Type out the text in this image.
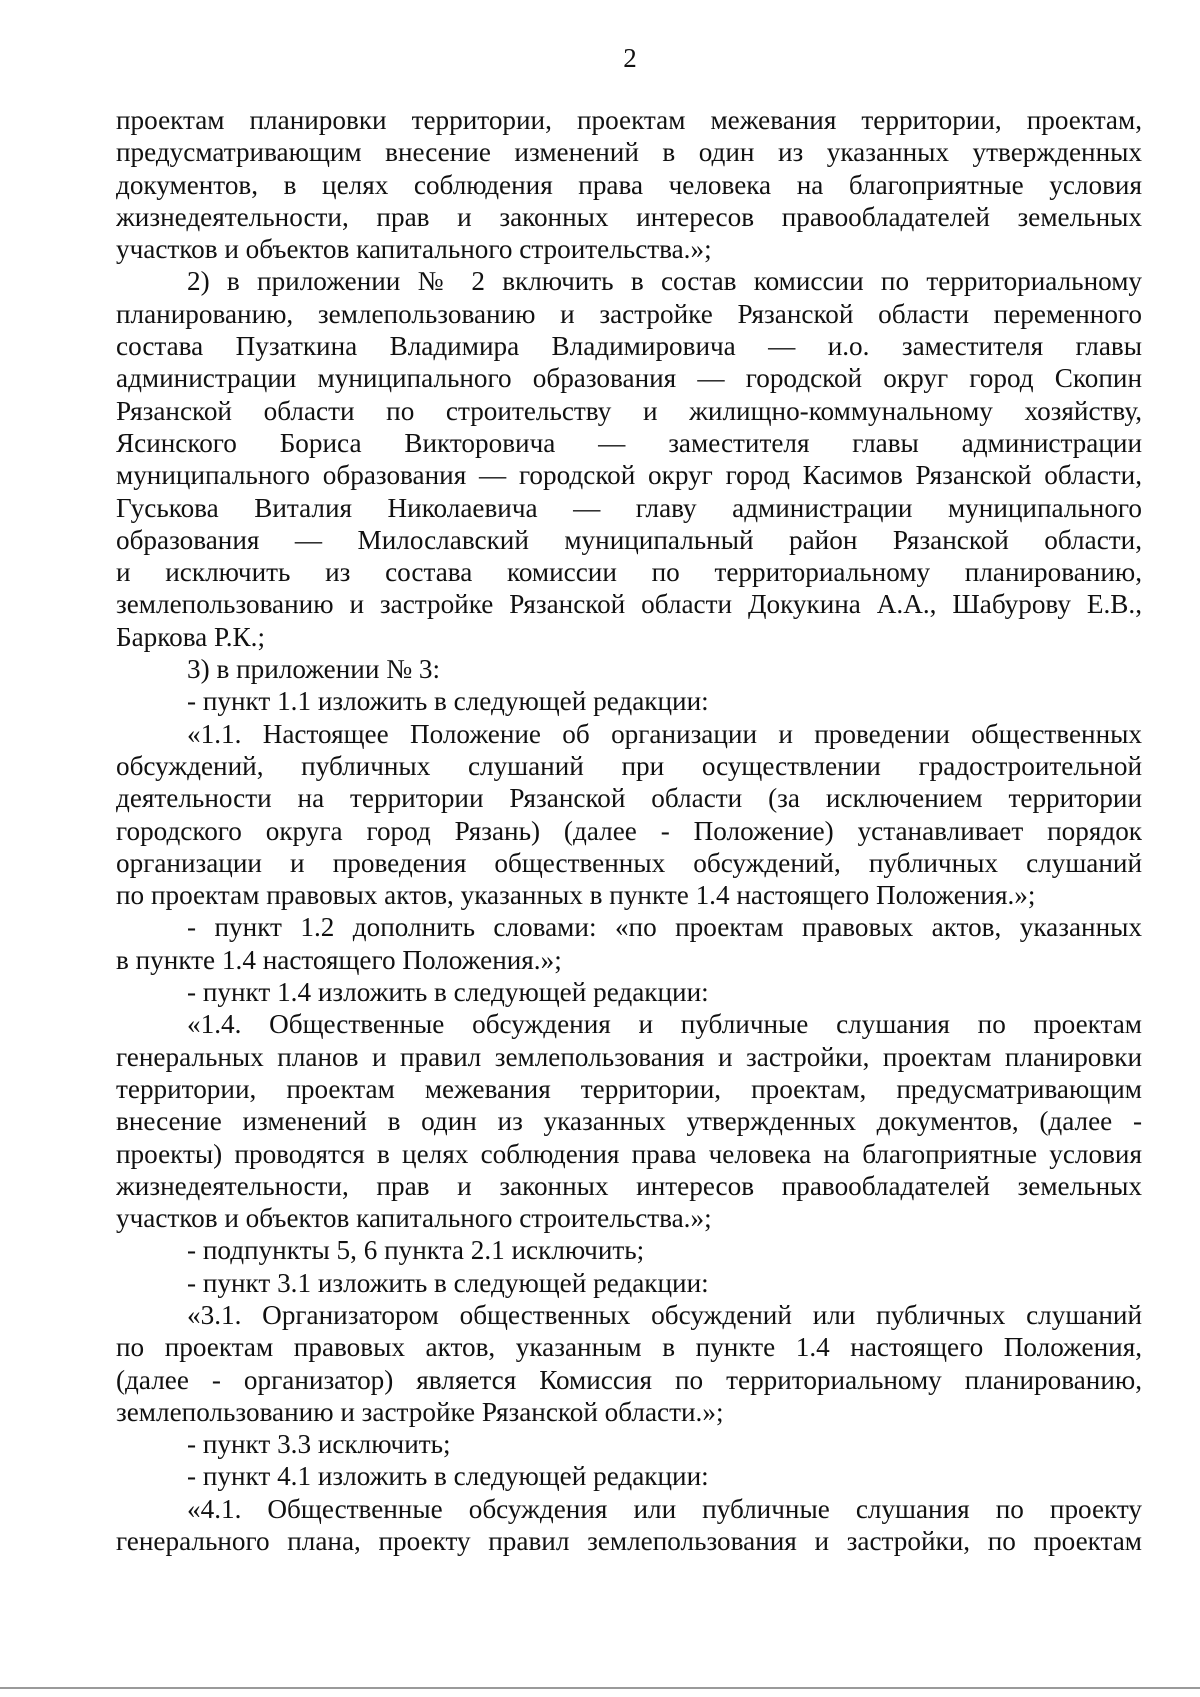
2
проектам планировки территории, проектам межевания территории, проектам,
предусматривающим внесение изменений в один из указанных утвержденных
документов, в целях соблюдения права человека на благоприятные условия
жизнедеятельности, прав и законных интересов правообладателей земельных
участков и объектов капитального строительства.»;
2) в приложении № 2 включить в состав комиссии по территориальному
планированию, землепользованию и застройке Рязанской области переменного
состава Пузаткина Владимира Владимировича — и.о. заместителя главы
администрации муниципального образования — городской округ город Скопин
Рязанской области по строительству и жилищно-коммунальному хозяйству,
Ясинского Бориса Викторовича — заместителя главы администрации
муниципального образования — городской округ город Касимов Рязанской области,
Гуськова Виталия Николаевича — главу администрации муниципального
образования — Милославский муниципальный район Рязанской области,
и исключить из состава комиссии по территориальному планированию,
землепользованию и застройке Рязанской области Докукина А.А., Шабурову Е.В.,
Баркова Р.К.;
3) в приложении № 3:
- пункт 1.1 изложить в следующей редакции:
«1.1. Настоящее Положение об организации и проведении общественных
обсуждений, публичных слушаний при осуществлении градостроительной
деятельности на территории Рязанской области (за исключением территории
городского округа город Рязань) (далее - Положение) устанавливает порядок
организации и проведения общественных обсуждений, публичных слушаний
по проектам правовых актов, указанных в пункте 1.4 настоящего Положения.»;
- пункт 1.2 дополнить словами: «по проектам правовых актов, указанных
в пункте 1.4 настоящего Положения.»;
- пункт 1.4 изложить в следующей редакции:
«1.4. Общественные обсуждения и публичные слушания по проектам
генеральных планов и правил землепользования и застройки, проектам планировки
территории, проектам межевания территории, проектам, предусматривающим
внесение изменений в один из указанных утвержденных документов, (далее -
проекты) проводятся в целях соблюдения права человека на благоприятные условия
жизнедеятельности, прав и законных интересов правообладателей земельных
участков и объектов капитального строительства.»;
- подпункты 5, 6 пункта 2.1 исключить;
- пункт 3.1 изложить в следующей редакции:
«3.1. Организатором общественных обсуждений или публичных слушаний
по проектам правовых актов, указанным в пункте 1.4 настоящего Положения,
(далее - организатор) является Комиссия по территориальному планированию,
землепользованию и застройке Рязанской области.»;
- пункт 3.3 исключить;
- пункт 4.1 изложить в следующей редакции:
«4.1. Общественные обсуждения или публичные слушания по проекту
генерального плана, проекту правил землепользования и застройки, по проектам
